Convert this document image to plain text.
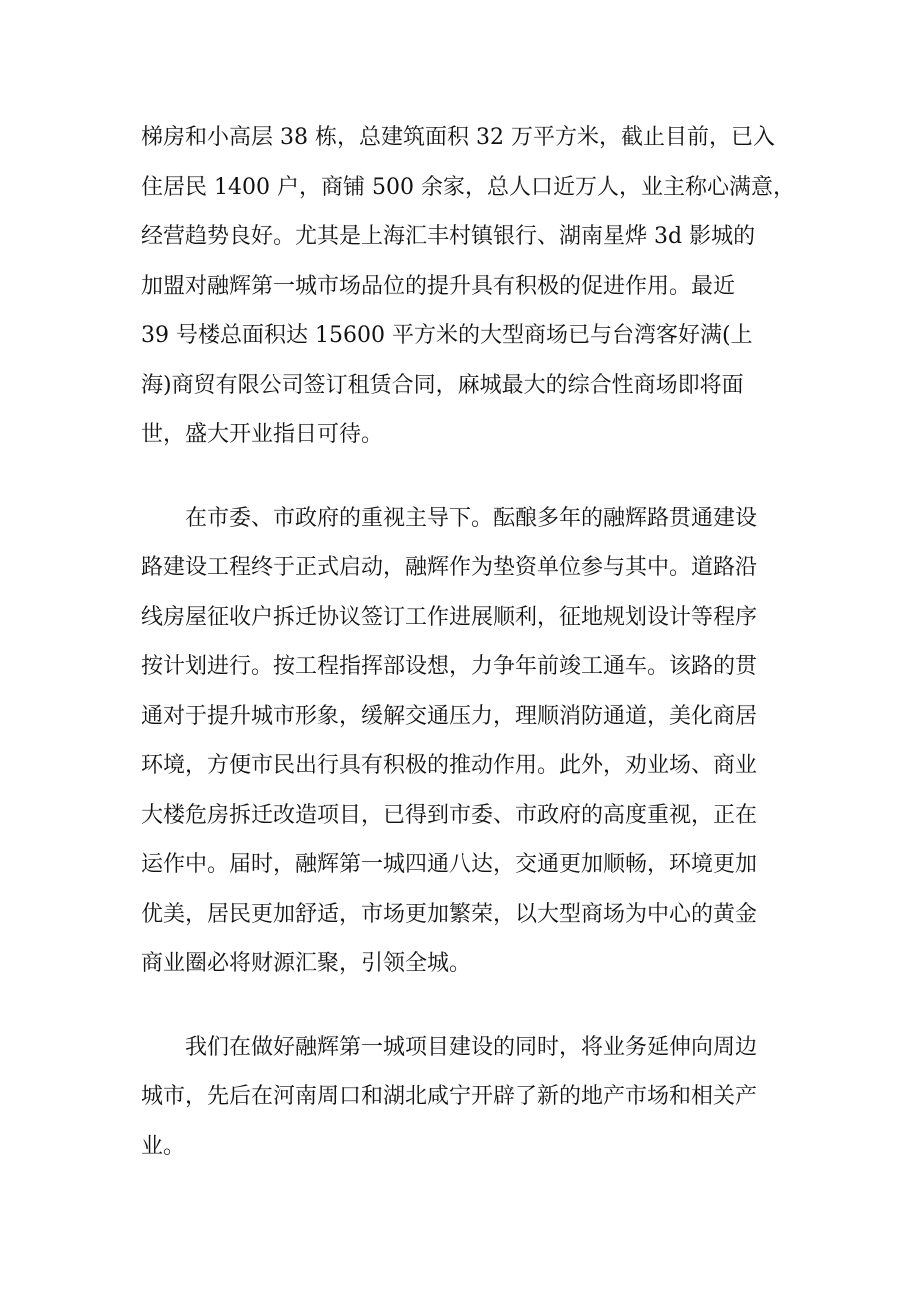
梯房和小高层 38 栋，总建筑面积 32 万平方米，截止目前，已入
住居民 1400 户，商铺 500 余家，总人口近万人，业主称心满意，
经营趋势良好。尤其是上海汇丰村镇银行、湖南星烨 3d 影城的
加盟对融辉第一城市场品位的提升具有积极的促进作用。最近
39 号楼总面积达 15600 平方米的大型商场已与台湾客好满(上
海)商贸有限公司签订租赁合同，麻城最大的综合性商场即将面
世，盛大开业指日可待。

在市委、市政府的重视主导下。酝酿多年的融辉路贯通建设
路建设工程终于正式启动，融辉作为垫资单位参与其中。道路沿
线房屋征收户拆迁协议签订工作进展顺利，征地规划设计等程序
按计划进行。按工程指挥部设想，力争年前竣工通车。该路的贯
通对于提升城市形象，缓解交通压力，理顺消防通道，美化商居
环境，方便市民出行具有积极的推动作用。此外，劝业场、商业
大楼危房拆迁改造项目，已得到市委、市政府的高度重视，正在
运作中。届时，融辉第一城四通八达，交通更加顺畅，环境更加
优美，居民更加舒适，市场更加繁荣，以大型商场为中心的黄金
商业圈必将财源汇聚，引领全城。

我们在做好融辉第一城项目建设的同时，将业务延伸向周边
城市，先后在河南周口和湖北咸宁开辟了新的地产市场和相关产
业。
